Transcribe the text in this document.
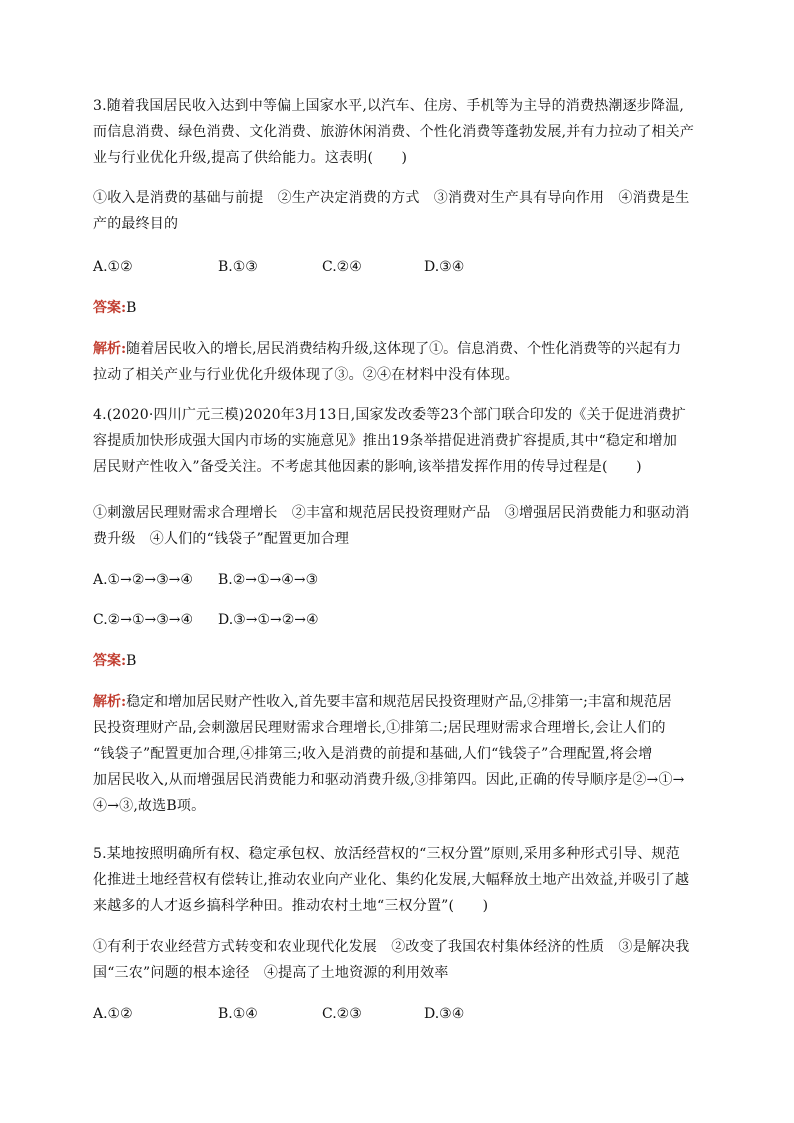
3.随着我国居民收入达到中等偏上国家水平,以汽车、住房、手机等为主导的消费热潮逐步降温,
而信息消费、绿色消费、文化消费、旅游休闲消费、个性化消费等蓬勃发展,并有力拉动了相关产
业与行业优化升级,提高了供给能力。这表明(　　)
①收入是消费的基础与前提　②生产决定消费的方式　③消费对生产具有导向作用　④消费是生
产的最终目的
A.①②	B.①③	C.②④	D.③④
答案:B
解析:随着居民收入的增长,居民消费结构升级,这体现了①。信息消费、个性化消费等的兴起有力
拉动了相关产业与行业优化升级体现了③。②④在材料中没有体现。
4.(2020·四川广元三模)2020年3月13日,国家发改委等23个部门联合印发的《关于促进消费扩
容提质加快形成强大国内市场的实施意见》推出19条举措促进消费扩容提质,其中“稳定和增加
居民财产性收入”备受关注。不考虑其他因素的影响,该举措发挥作用的传导过程是(　　)
①刺激居民理财需求合理增长　②丰富和规范居民投资理财产品　③增强居民消费能力和驱动消
费升级　④人们的“钱袋子”配置更加合理
A.①→②→③→④ B.②→①→④→③
C.②→①→③→④ D.③→①→②→④
答案:B
解析:稳定和增加居民财产性收入,首先要丰富和规范居民投资理财产品,②排第一;丰富和规范居
民投资理财产品,会刺激居民理财需求合理增长,①排第二;居民理财需求合理增长,会让人们的
“钱袋子”配置更加合理,④排第三;收入是消费的前提和基础,人们“钱袋子”合理配置,将会增
加居民收入,从而增强居民消费能力和驱动消费升级,③排第四。因此,正确的传导顺序是②→①→
④→③,故选B项。
5.某地按照明确所有权、稳定承包权、放活经营权的“三权分置”原则,采用多种形式引导、规范
化推进土地经营权有偿转让,推动农业向产业化、集约化发展,大幅释放土地产出效益,并吸引了越
来越多的人才返乡搞科学种田。推动农村土地“三权分置”(　　)
①有利于农业经营方式转变和农业现代化发展　②改变了我国农村集体经济的性质　③是解决我
国“三农”问题的根本途径　④提高了土地资源的利用效率
A.①②	B.①④	C.②③	D.③④
